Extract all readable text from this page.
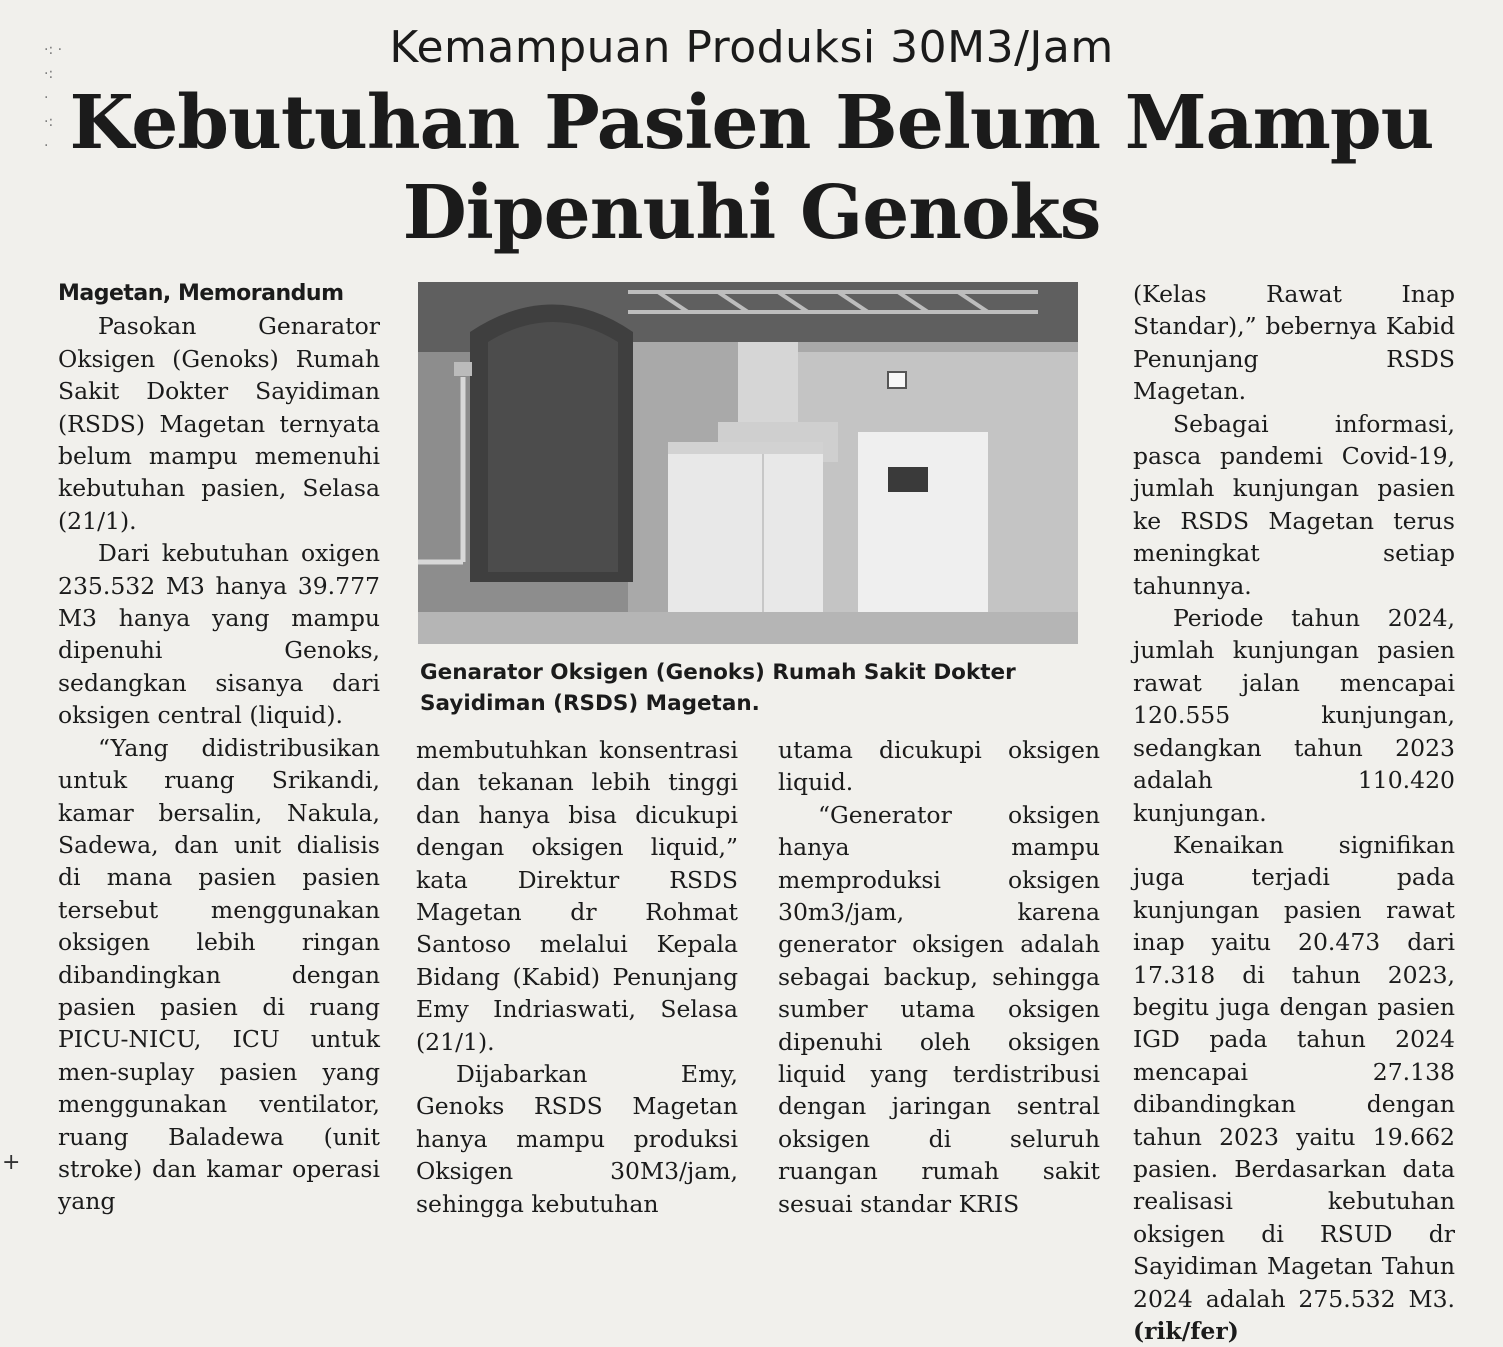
·: ·
·:
·
·:
·
Kemampuan Produksi 30M3/Jam
Kebutuhan Pasien Belum Mampu Dipenuhi Genoks

Magetan, Memorandum

Pasokan Genarator Oksigen (Genoks) Rumah Sakit Dokter Sayidiman (RSDS) Magetan ternyata belum mampu memenuhi kebutuhan pasien, Selasa (21/1).

Dari kebutuhan oxigen 235.532 M3 hanya 39.777 M3 hanya yang mampu dipenuhi Genoks, sedangkan sisanya dari oksigen central (liquid).

“Yang didistribusikan untuk ruang Srikandi, kamar bersalin, Nakula, Sadewa, dan unit dialisis di mana pasien pasien tersebut menggunakan oksigen lebih ringan dibandingkan dengan pasien pasien di ruang PICU-NICU, ICU untuk men-suplay pasien yang menggunakan ventilator, ruang Baladewa (unit stroke) dan kamar operasi yang

Genarator Oksigen (Genoks) Rumah Sakit Dokter Sayidiman (RSDS) Magetan.

membutuhkan konsentrasi dan tekanan lebih tinggi dan hanya bisa dicukupi dengan oksigen liquid,” kata Direktur RSDS Magetan dr Rohmat Santoso melalui Kepala Bidang (Kabid) Penunjang Emy Indriaswati, Selasa (21/1).

Dijabarkan Emy, Genoks RSDS Magetan hanya mampu produksi Oksigen 30M3/jam, sehingga kebutuhan

utama dicukupi oksigen liquid.

“Generator oksigen hanya mampu memproduksi oksigen 30m3/jam, karena generator oksigen adalah sebagai backup, sehingga sumber utama oksigen dipenuhi oleh oksigen liquid yang terdistribusi dengan jaringan sentral oksigen di seluruh ruangan rumah sakit sesuai standar KRIS

(Kelas Rawat Inap Standar),” bebernya Kabid Penunjang RSDS Magetan.

Sebagai informasi, pasca pandemi Covid-19, jumlah kunjungan pasien ke RSDS Magetan terus meningkat setiap tahunnya.

Periode tahun 2024, jumlah kunjungan pasien rawat jalan mencapai 120.555 kunjungan, sedangkan tahun 2023 adalah 110.420 kunjungan.

Kenaikan signifikan juga terjadi pada kunjungan pasien rawat inap yaitu 20.473 dari 17.318 di tahun 2023, begitu juga dengan pasien IGD pada tahun 2024 mencapai 27.138 dibandingkan dengan tahun 2023 yaitu 19.662 pasien. Berdasarkan data realisasi kebutuhan oksigen di RSUD dr Sayidiman Magetan Tahun 2024 adalah 275.532 M3. (rik/fer)

+
